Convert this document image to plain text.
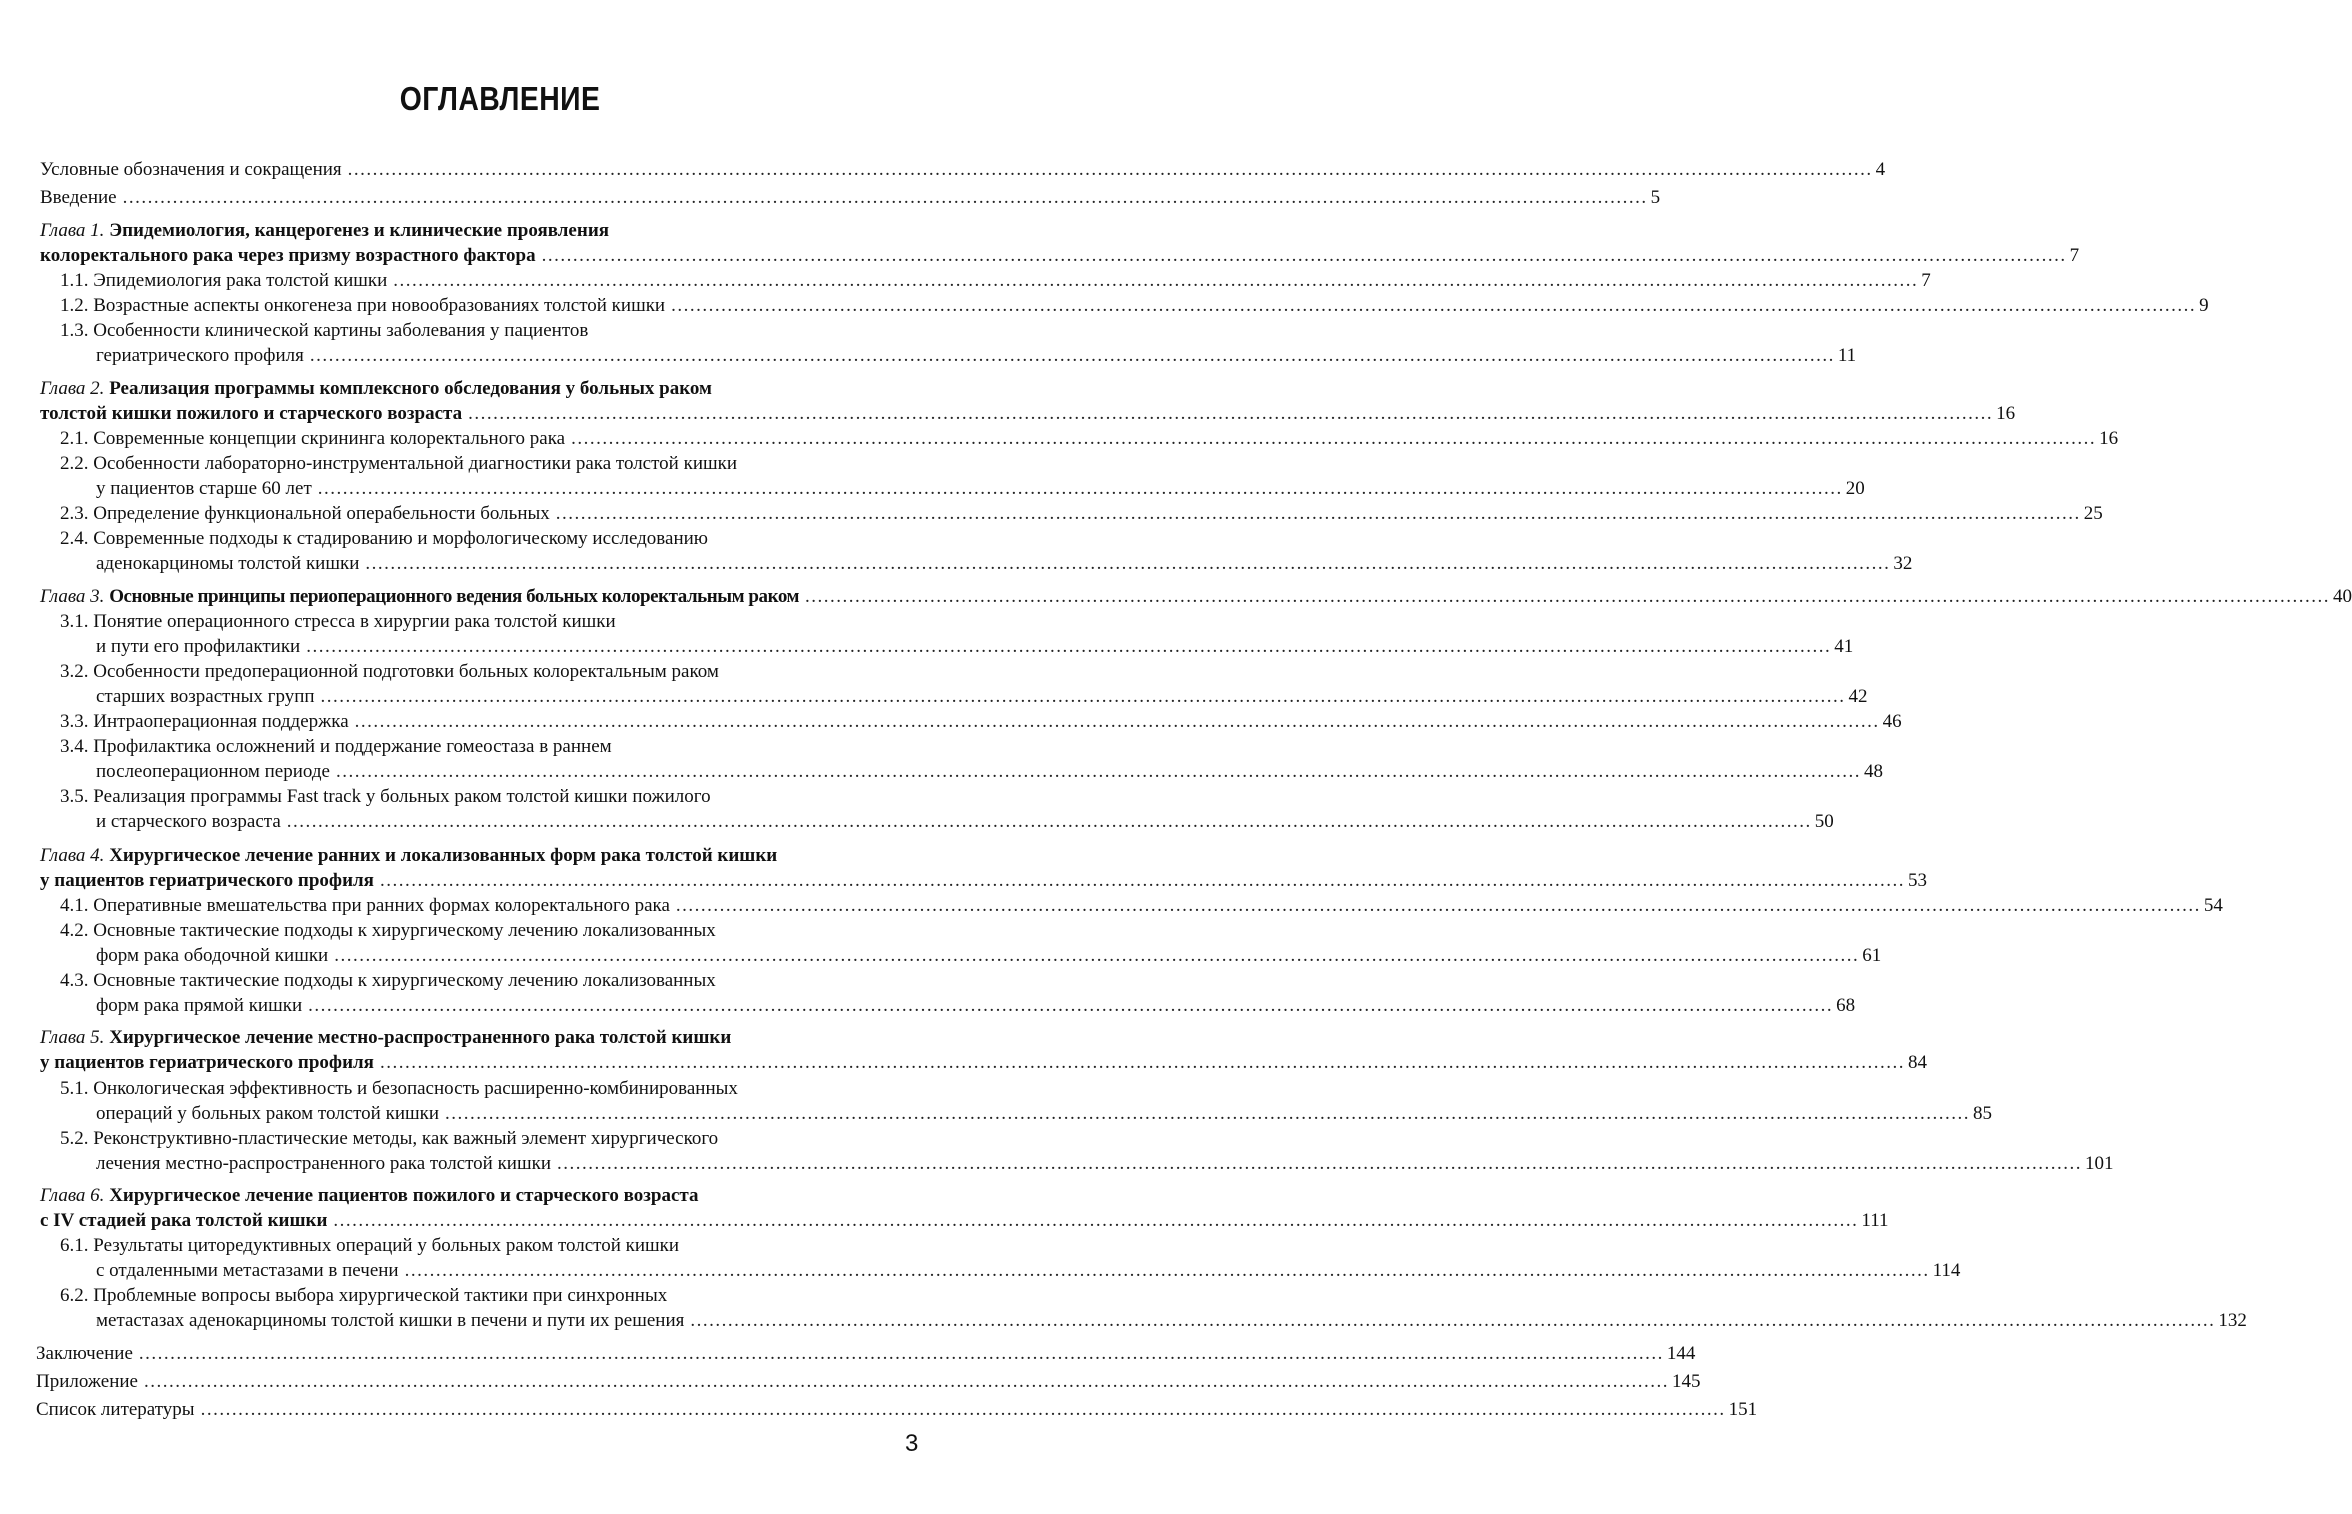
ОГЛАВЛЕНИЕ
Условные обозначения и сокращения .................................................................................................................................................................................................................................................... 4
Введение .................................................................................................................................................................................................................................................... 5
Глава 1. Эпидемиология, канцерогенез и клинические проявления
колоректального рака через призму возрастного фактора .................................................................................................................................................................................................................................................... 7
1.1. Эпидемиология рака толстой кишки .................................................................................................................................................................................................................................................... 7
1.2. Возрастные аспекты онкогенеза при новообразованиях толстой кишки .................................................................................................................................................................................................................................................... 9
1.3. Особенности клинической картины заболевания у пациентов
гериатрического профиля .................................................................................................................................................................................................................................................... 11
Глава 2. Реализация программы комплексного обследования у больных раком
толстой кишки пожилого и старческого возраста .................................................................................................................................................................................................................................................... 16
2.1. Современные концепции скрининга колоректального рака .................................................................................................................................................................................................................................................... 16
2.2. Особенности лабораторно-инструментальной диагностики рака толстой кишки
у пациентов старше 60 лет .................................................................................................................................................................................................................................................... 20
2.3. Определение функциональной операбельности больных .................................................................................................................................................................................................................................................... 25
2.4. Современные подходы к стадированию и морфологическому исследованию
аденокарциномы толстой кишки .................................................................................................................................................................................................................................................... 32
Глава 3. Основные принципы периоперационного ведения больных колоректальным раком .................................................................................................................................................................................................................................................... 40
3.1. Понятие операционного стресса в хирургии рака толстой кишки
и пути его профилактики .................................................................................................................................................................................................................................................... 41
3.2. Особенности предоперационной подготовки больных колоректальным раком
старших возрастных групп .................................................................................................................................................................................................................................................... 42
3.3. Интраоперационная поддержка .................................................................................................................................................................................................................................................... 46
3.4. Профилактика осложнений и поддержание гомеостаза в раннем
послеоперационном периоде .................................................................................................................................................................................................................................................... 48
3.5. Реализация программы Fast track у больных раком толстой кишки пожилого
и старческого возраста .................................................................................................................................................................................................................................................... 50
Глава 4. Хирургическое лечение ранних и локализованных форм рака толстой кишки
у пациентов гериатрического профиля .................................................................................................................................................................................................................................................... 53
4.1. Оперативные вмешательства при ранних формах колоректального рака .................................................................................................................................................................................................................................................... 54
4.2. Основные тактические подходы к хирургическому лечению локализованных
форм рака ободочной кишки .................................................................................................................................................................................................................................................... 61
4.3. Основные тактические подходы к хирургическому лечению локализованных
форм рака прямой кишки .................................................................................................................................................................................................................................................... 68
Глава 5. Хирургическое лечение местно-распространенного рака толстой кишки
у пациентов гериатрического профиля .................................................................................................................................................................................................................................................... 84
5.1. Онкологическая эффективность и безопасность расширенно-комбинированных
операций у больных раком толстой кишки .................................................................................................................................................................................................................................................... 85
5.2. Реконструктивно-пластические методы, как важный элемент хирургического
лечения местно-распространенного рака толстой кишки .................................................................................................................................................................................................................................................... 101
Глава 6. Хирургическое лечение пациентов пожилого и старческого возраста
с IV стадией рака толстой кишки .................................................................................................................................................................................................................................................... 111
6.1. Результаты циторедуктивных операций у больных раком толстой кишки
с отдаленными метастазами в печени .................................................................................................................................................................................................................................................... 114
6.2. Проблемные вопросы выбора хирургической тактики при синхронных
метастазах аденокарциномы толстой кишки в печени и пути их решения .................................................................................................................................................................................................................................................... 132
Заключение .................................................................................................................................................................................................................................................... 144
Приложение .................................................................................................................................................................................................................................................... 145
Список литературы .................................................................................................................................................................................................................................................... 151
3
